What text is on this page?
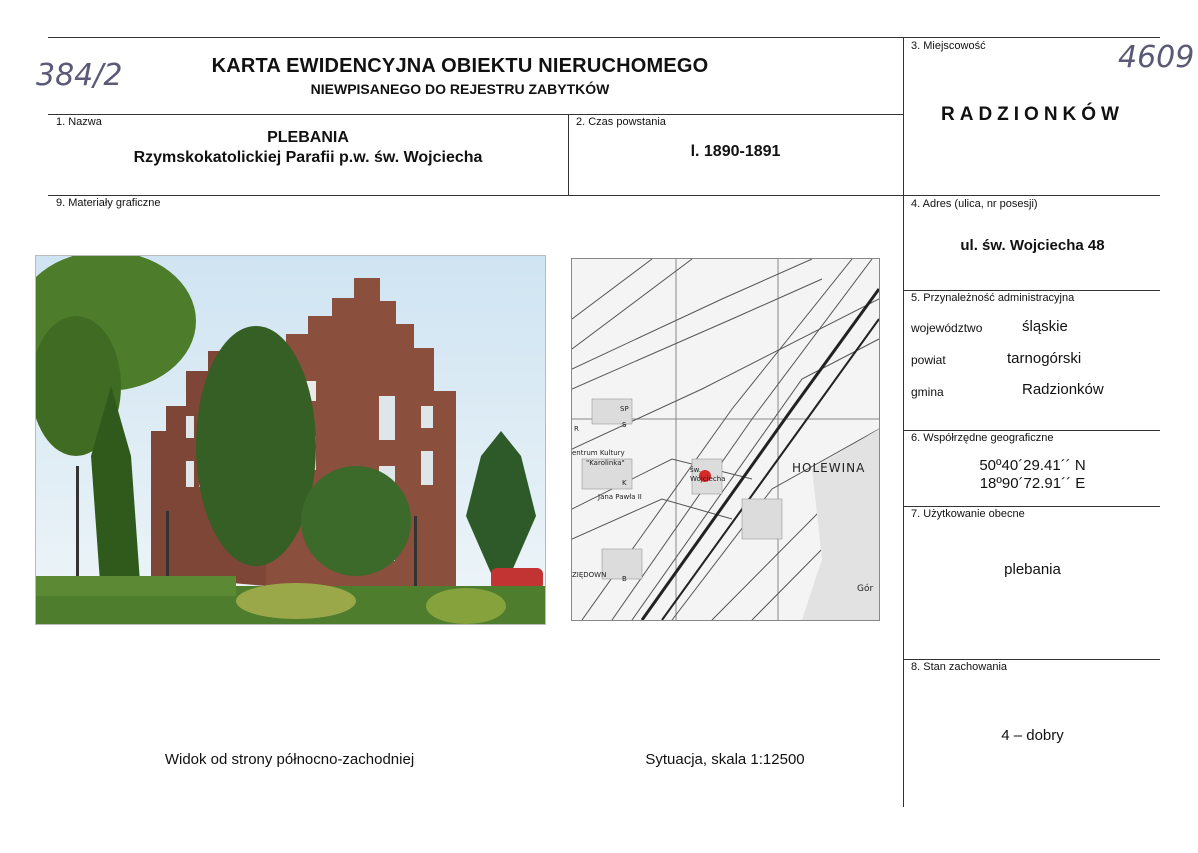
384/2
4609
KARTA EWIDENCYJNA OBIEKTU NIERUCHOMEGO
NIEWPISANEGO DO REJESTRU ZABYTKÓW
3. Miejscowość
RADZIONKÓW
1. Nazwa
PLEBANIA
Rzymskokatolickiej Parafii p.w. św. Wojciecha
2. Czas powstania
l. 1890-1891
9. Materiały graficzne
Widok od strony północno-zachodniej
HOLEWINA
entrum Kultury
"Karolinka"
Jana Pawła II
św.
Wojciecha
ZIĘDOWN
Gór
SP
S
R
K
B
Sytuacja, skala 1:12500
4. Adres (ulica, nr posesji)
ul. św. Wojciecha 48
5. Przynależność administracyjna
województwo	śląskie
powiat	tarnogórski
gmina	Radzionków
6. Współrzędne geograficzne
50º40´29.41´´ N
18º90´72.91´´ E
7. Użytkowanie obecne
plebania
8. Stan zachowania
4 – dobry
